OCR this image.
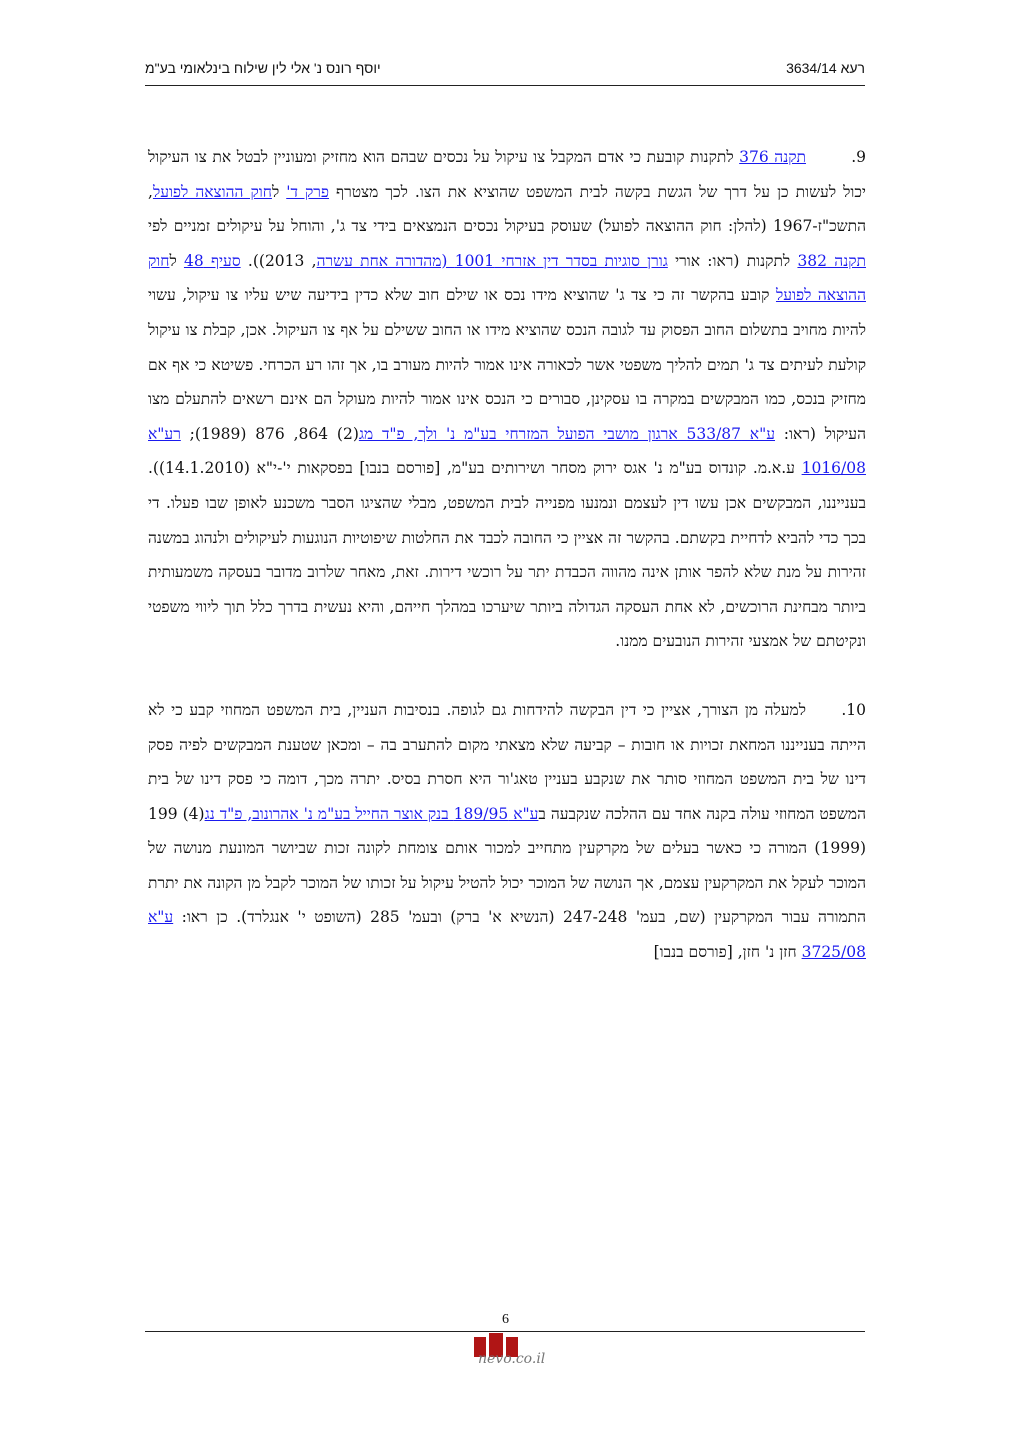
רעא 3634/14
יוסף רונס נ' אלי לין שילוח בינלאומי בע"מ

9.תקנה 376 לתקנות קובעת כי אדם המקבל צו עיקול על נכסים שבהם הוא מחזיק ומעוניין לבטל את צו העיקול יכול לעשות כן על דרך של הגשת בקשה לבית המשפט שהוציא את הצו. לכך מצטרף פרק ד' לחוק ההוצאה לפועל, התשכ"ז-1967 (להלן: חוק ההוצאה לפועל) שעוסק בעיקול נכסים הנמצאים בידי צד ג', והוחל על עיקולים זמניים לפי תקנה 382 לתקנות (ראו: אורי גורן סוגיות בסדר דין אזרחי 1001 (מהדורה אחת עשרה, 2013)). סעיף 48 לחוק ההוצאה לפועל קובע בהקשר זה כי צד ג' שהוציא מידו נכס או שילם חוב שלא כדין בידיעה שיש עליו צו עיקול, עשוי להיות מחויב בתשלום החוב הפסוק עד לגובה הנכס שהוציא מידו או החוב ששילם על אף צו העיקול. אכן, קבלת צו עיקול קולעת לעיתים צד ג' תמים להליך משפטי אשר לכאורה אינו אמור להיות מעורב בו, אך זהו רע הכרחי. פשיטא כי אף אם מחזיק בנכס, כמו המבקשים במקרה בו עסקינן, סבורים כי הנכס אינו אמור להיות מעוקל הם אינם רשאים להתעלם מצו העיקול (ראו: ע"א 533/87 ארגון מושבי הפועל המזרחי בע"מ נ' ולך, פ"ד מג(2) 864, 876 (1989); רע"א 1016/08 ע.א.מ. קונדוס בע"מ נ' אגס ירוק מסחר ושירותים בע"מ, [פורסם בנבו] בפסקאות י'-י"א (14.1.2010)). בענייננו, המבקשים אכן עשו דין לעצמם ונמנעו מפנייה לבית המשפט, מבלי שהציגו הסבר משכנע לאופן שבו פעלו. די בכך כדי להביא לדחיית בקשתם. בהקשר זה אציין כי החובה לכבד את החלטות שיפוטיות הנוגעות לעיקולים ולנהוג במשנה זהירות על מנת שלא להפר אותן אינה מהווה הכבדת יתר על רוכשי דירות. זאת, מאחר שלרוב מדובר בעסקה משמעותית ביותר מבחינת הרוכשים, לא אחת העסקה הגדולה ביותר שיערכו במהלך חייהם, והיא נעשית בדרך כלל תוך ליווי משפטי ונקיטתם של אמצעי זהירות הנובעים ממנו.

10.למעלה מן הצורך, אציין כי דין הבקשה להידחות גם לגופה. בנסיבות העניין, בית המשפט המחוזי קבע כי לא הייתה בענייננו המחאת זכויות או חובות – קביעה שלא מצאתי מקום להתערב בה – ומכאן שטענת המבקשים לפיה פסק דינו של בית המשפט המחוזי סותר את שנקבע בעניין טאג'ור היא חסרת בסיס. יתרה מכך, דומה כי פסק דינו של בית המשפט המחוזי עולה בקנה אחד עם ההלכה שנקבעה בע"א 189/95 בנק אוצר החייל בע"מ נ' אהרונוב, פ"ד נג(4) 199 (1999) המורה כי כאשר בעלים של מקרקעין מתחייב למכור אותם צומחת לקונה זכות שביושר המונעת מנושה של המוכר לעקל את המקרקעין עצמם, אך הנושה של המוכר יכול להטיל עיקול על זכותו של המוכר לקבל מן הקונה את יתרת התמורה עבור המקרקעין (שם, בעמ' 247-248 (הנשיא א' ברק) ובעמ' 285 (השופט י' אנגלרד). כן ראו: ע"א 3725/08 חזן נ' חזן, [פורסם בנבו]

6
nevo.co.il
